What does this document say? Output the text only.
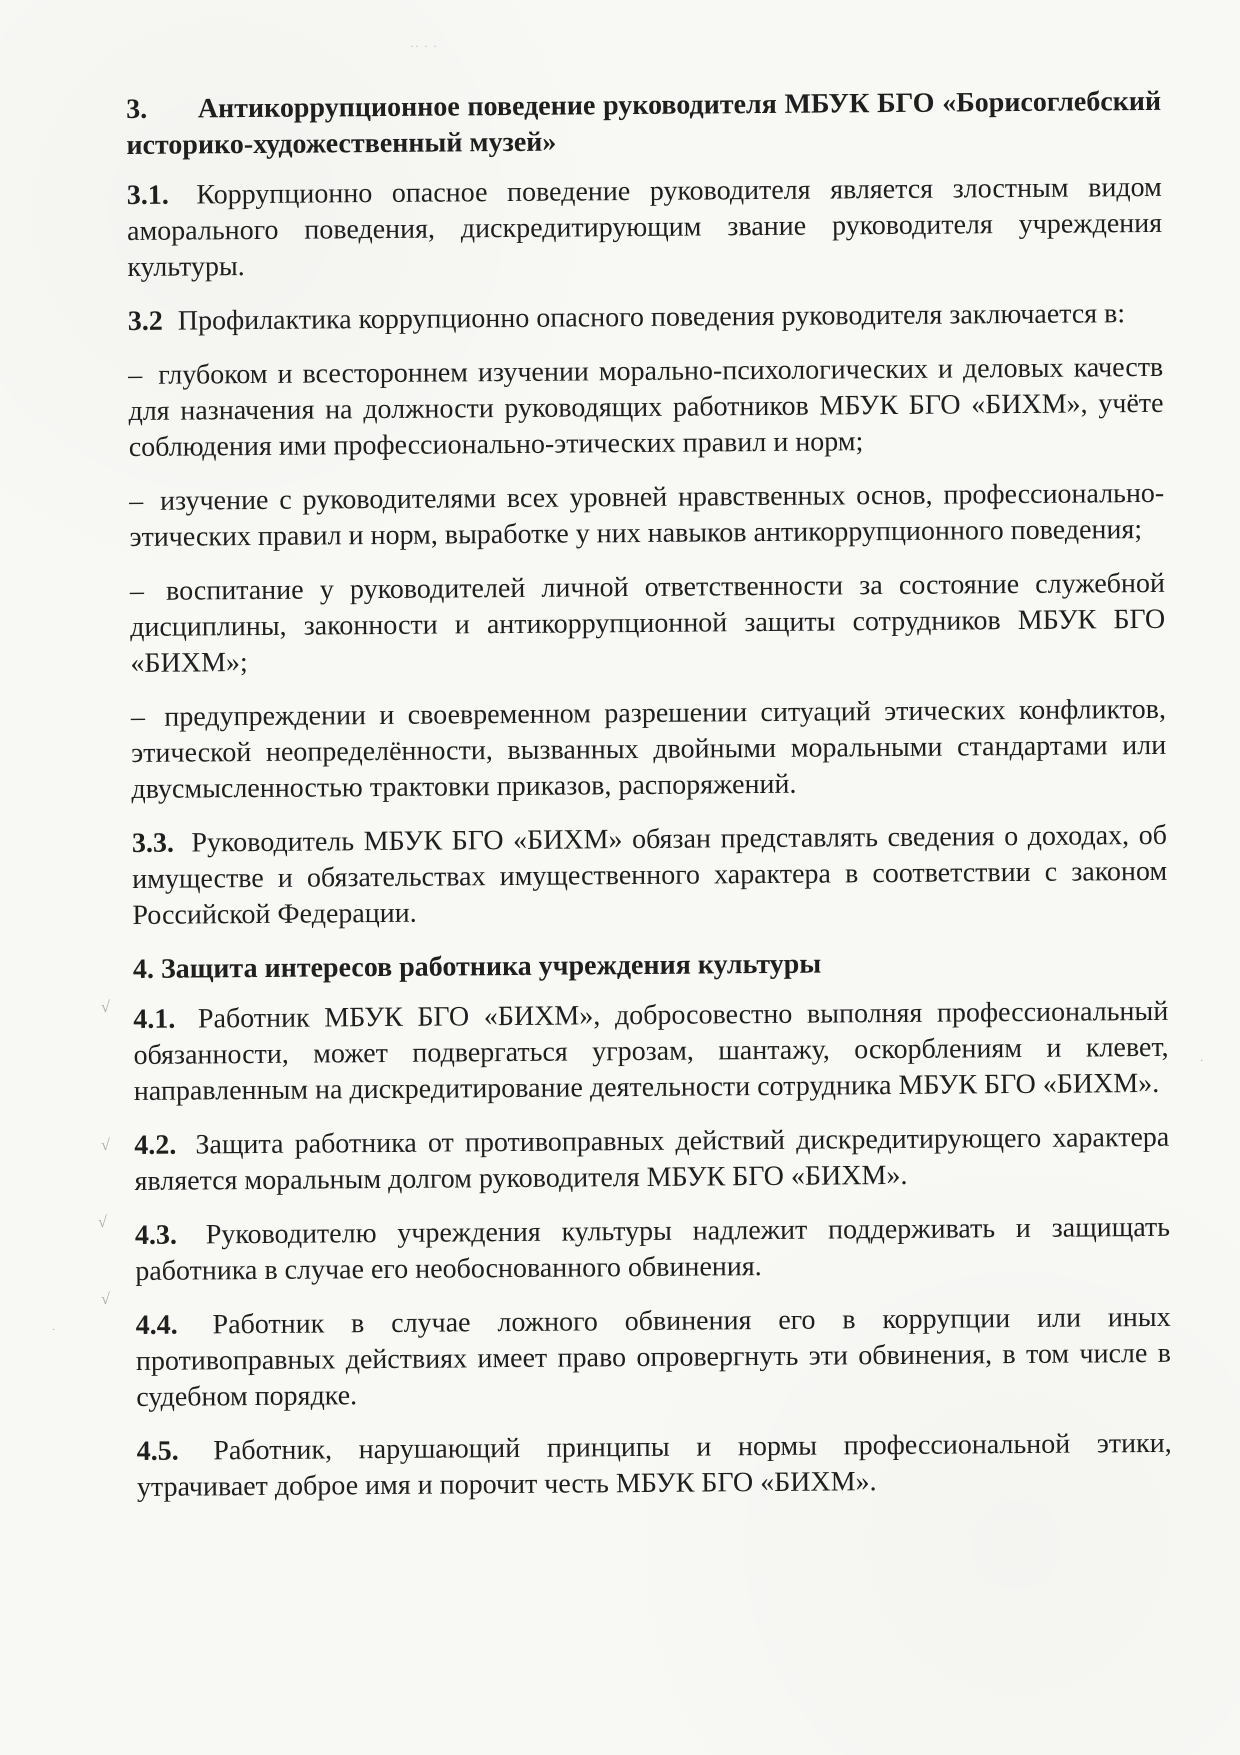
·· · ·
√
√
√
√
·
·
3. Антикоррупционное поведение руководителя МБУК БГО «Борисоглебский историко-художественный музей»

3.1. Коррупционно опасное поведение руководителя является злостным видом аморального поведения, дискредитирующим звание руководителя учреждения культуры.

3.2 Профилактика коррупционно опасного поведения руководителя заключается в:

– глубоком и всестороннем изучении морально-психологических и деловых качеств для назначения на должности руководящих работников МБУК БГО «БИХМ», учёте соблюдения ими профессионально-этических правил и норм;

– изучение с руководителями всех уровней нравственных основ, профессионально-этических правил и норм, выработке у них навыков антикоррупционного поведения;

– воспитание у руководителей личной ответственности за состояние служебной дисциплины, законности и антикоррупционной защиты сотрудников МБУК БГО «БИХМ»;

– предупреждении и своевременном разрешении ситуаций этических конфликтов, этической неопределённости, вызванных двойными моральными стандартами или двусмысленностью трактовки приказов, распоряжений.

3.3. Руководитель МБУК БГО «БИХМ» обязан представлять сведения о доходах, об имуществе и обязательствах имущественного характера в соответствии с законом Российской Федерации.

4. Защита интересов работника учреждения культуры

4.1. Работник МБУК БГО «БИХМ», добросовестно выполняя профессиональный обязанности, может подвергаться угрозам, шантажу, оскорблениям и клевет, направленным на дискредитирование деятельности сотрудника МБУК БГО «БИХМ».

4.2. Защита работника от противоправных действий дискредитирующего характера является моральным долгом руководителя МБУК БГО «БИХМ».

4.3. Руководителю учреждения культуры надлежит поддерживать и защищать работника в случае его необоснованного обвинения.

4.4. Работник в случае ложного обвинения его в коррупции или иных противоправных действиях имеет право опровергнуть эти обвинения, в том числе в судебном порядке.

4.5. Работник, нарушающий принципы и нормы профессиональной этики, утрачивает доброе имя и порочит честь МБУК БГО «БИХМ».
